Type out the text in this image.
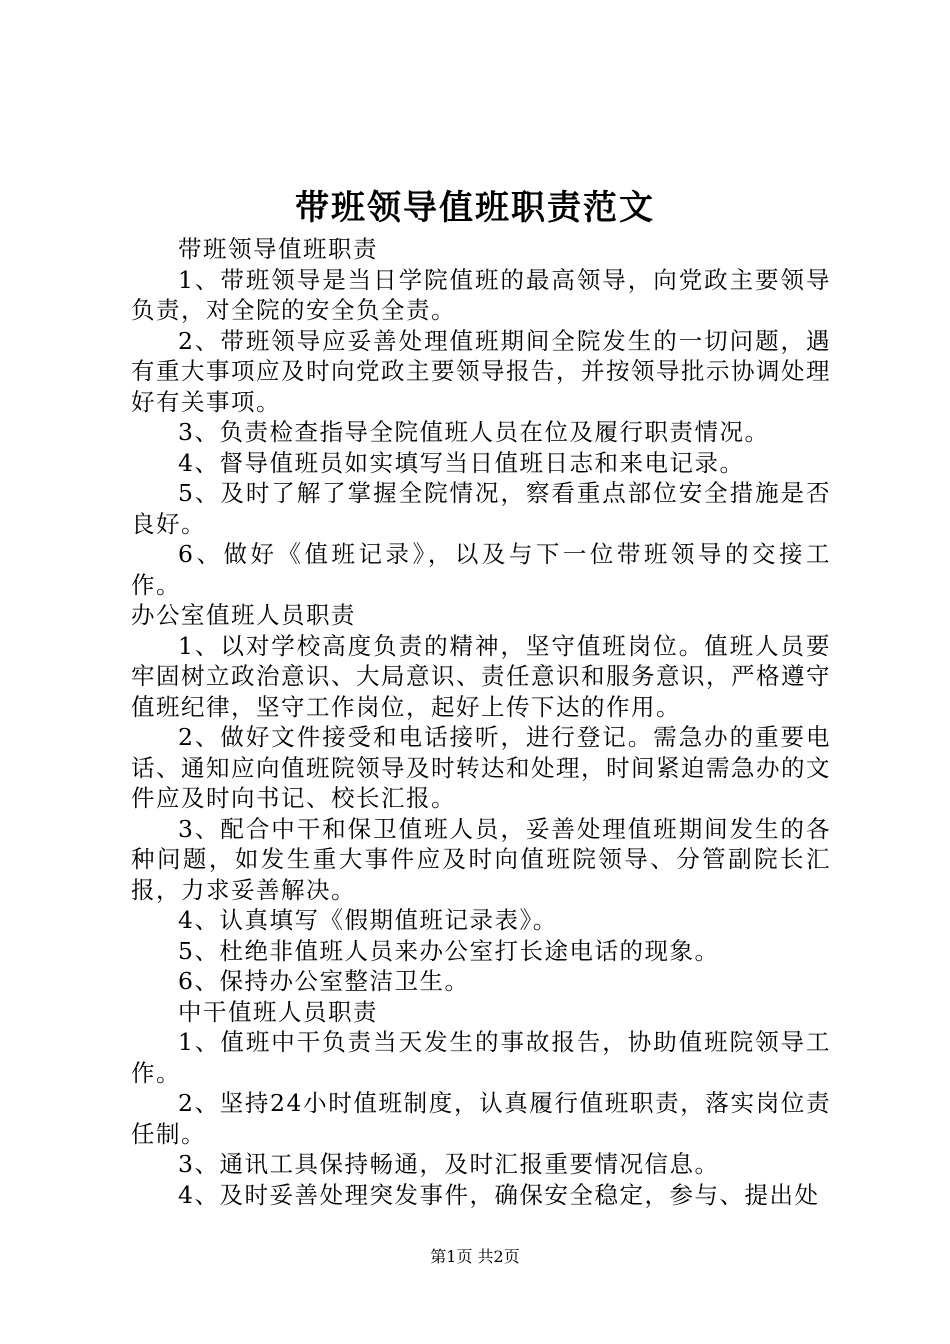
带班领导值班职责范文

带班领导值班职责

1、带班领导是当日学院值班的最高领导，向党政主要领导负责，对全院的安全负全责。

2、带班领导应妥善处理值班期间全院发生的一切问题，遇有重大事项应及时向党政主要领导报告，并按领导批示协调处理好有关事项。

3、负责检查指导全院值班人员在位及履行职责情况。

4、督导值班员如实填写当日值班日志和来电记录。

5、及时了解了掌握全院情况，察看重点部位安全措施是否良好。

6、做好《值班记录》，以及与下一位带班领导的交接工作。

办公室值班人员职责

1、以对学校高度负责的精神，坚守值班岗位。值班人员要牢固树立政治意识、大局意识、责任意识和服务意识，严格遵守值班纪律，坚守工作岗位，起好上传下达的作用。

2、做好文件接受和电话接听，进行登记。需急办的重要电话、通知应向值班院领导及时转达和处理，时间紧迫需急办的文件应及时向书记、校长汇报。

3、配合中干和保卫值班人员，妥善处理值班期间发生的各种问题，如发生重大事件应及时向值班院领导、分管副院长汇报，力求妥善解决。

4、认真填写《假期值班记录表》。

5、杜绝非值班人员来办公室打长途电话的现象。

6、保持办公室整洁卫生。

中干值班人员职责

1、值班中干负责当天发生的事故报告，协助值班院领导工作。

2、坚持24小时值班制度，认真履行值班职责，落实岗位责任制。

3、通讯工具保持畅通，及时汇报重要情况信息。

4、及时妥善处理突发事件，确保安全稳定，参与、提出处

第1页 共2页
